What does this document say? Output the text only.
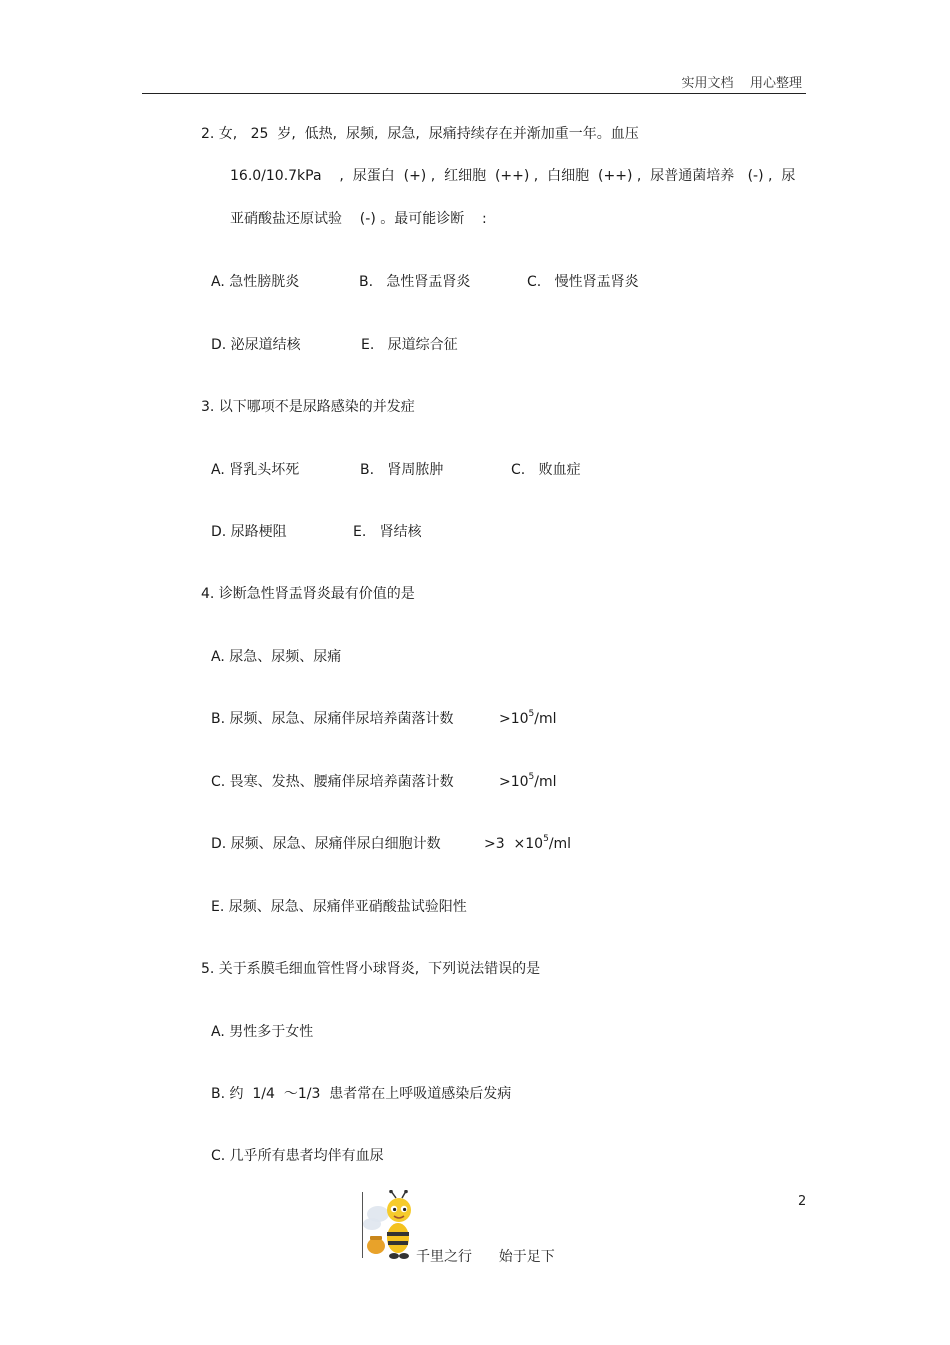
实用文档    用心整理
2. 女,   25  岁,  低热,  尿频,  尿急,  尿痛持续存在并渐加重一年。血压
16.0/10.7kPa    ,  尿蛋白  (+) ,  红细胞  (++) ,  白细胞  (++) ,  尿普通菌培养   (-) ,  尿
亚硝酸盐还原试验    (-) 。最可能诊断    :
A. 急性膀胱炎	B.   急性肾盂肾炎	C.   慢性肾盂肾炎
D. 泌尿道结核	E.   尿道综合征
3. 以下哪项不是尿路感染的并发症
A. 肾乳头坏死	B.   肾周脓肿	C.   败血症
D. 尿路梗阻	E.   肾结核
4. 诊断急性肾盂肾炎最有价值的是
A. 尿急、尿频、尿痛
B. 尿频、尿急、尿痛伴尿培养菌落计数	$>10^5/ml$
C. 畏寒、发热、腰痛伴尿培养菌落计数	$>10^5/ml$
D. 尿频、尿急、尿痛伴尿白细胞计数	$>3 \times 10^5/ml$
E. 尿频、尿急、尿痛伴亚硝酸盐试验阳性
5. 关于系膜毛细血管性肾小球肾炎,  下列说法错误的是
A. 男性多于女性
B. 约  1/4  ～1/3  患者常在上呼吸道感染后发病
C. 几乎所有患者均伴有血尿
2
千里之行      始于足下
